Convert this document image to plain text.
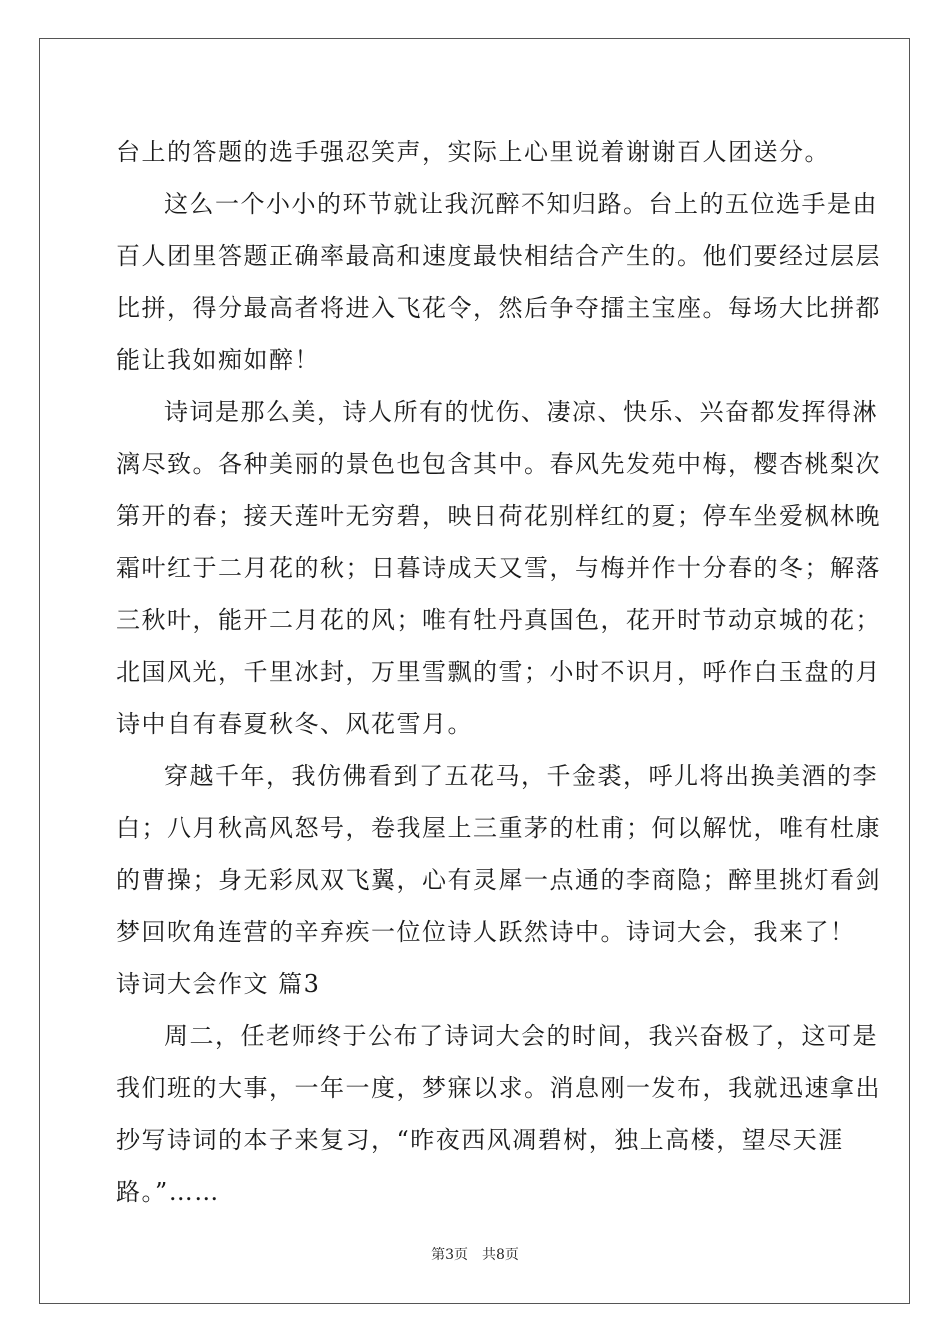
台上的答题的选手强忍笑声，实际上心里说着谢谢百人团送分。
这么一个小小的环节就让我沉醉不知归路。台上的五位选手是由
百人团里答题正确率最高和速度最快相结合产生的。他们要经过层层
比拼，得分最高者将进入飞花令，然后争夺擂主宝座。每场大比拼都
能让我如痴如醉！
诗词是那么美，诗人所有的忧伤、凄凉、快乐、兴奋都发挥得淋
漓尽致。各种美丽的景色也包含其中。春风先发苑中梅，樱杏桃梨次
第开的春；接天莲叶无穷碧，映日荷花别样红的夏；停车坐爱枫林晚
霜叶红于二月花的秋；日暮诗成天又雪，与梅并作十分春的冬；解落
三秋叶，能开二月花的风；唯有牡丹真国色，花开时节动京城的花；
北国风光，千里冰封，万里雪飘的雪；小时不识月，呼作白玉盘的月
诗中自有春夏秋冬、风花雪月。
穿越千年，我仿佛看到了五花马，千金裘，呼儿将出换美酒的李
白；八月秋高风怒号，卷我屋上三重茅的杜甫；何以解忧，唯有杜康
的曹操；身无彩凤双飞翼，心有灵犀一点通的李商隐；醉里挑灯看剑
梦回吹角连营的辛弃疾一位位诗人跃然诗中。诗词大会，我来了！
诗词大会作文 篇3
周二，任老师终于公布了诗词大会的时间，我兴奋极了，这可是
我们班的大事，一年一度，梦寐以求。消息刚一发布，我就迅速拿出
抄写诗词的本子来复习，“昨夜西风凋碧树，独上高楼，望尽天涯
路。”……
第3页 共8页
